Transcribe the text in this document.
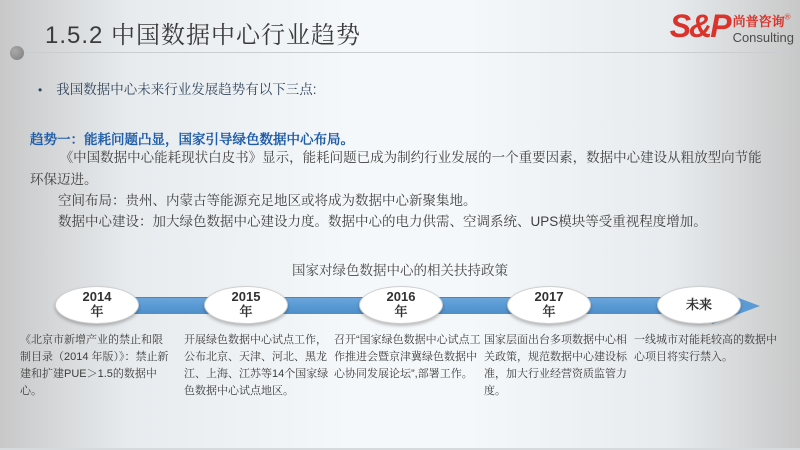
1.5.2 中国数据中心行业趋势	S&P 尚普咨询®
Consulting
• 我国数据中心未来行业发展趋势有以下三点:
趋势一：能耗问题凸显，国家引导绿色数据中心布局。
《中国数据中心能耗现状白皮书》显示，能耗问题已成为制约行业发展的一个重要因素，数据中心建设从粗放型向节能环保迈进。
空间布局：贵州、内蒙古等能源充足地区或将成为数据中心新聚集地。
数据中心建设：加大绿色数据中心建设力度。数据中心的电力供需、空调系统、UPS模块等受重视程度增加。
国家对绿色数据中心的相关扶持政策
2014
年
2015
年
2016
年
2017
年	未来
《北京市新增产业的禁止和限制目录（2014 年版）》：禁止新建和扩建PUE＞1.5的数据中心。
开展绿色数据中心试点工作，公布北京、天津、河北、黑龙江、上海、江苏等14个国家绿色数据中心试点地区。
召开“国家绿色数据中心试点工作推进会暨京津冀绿色数据中心协同发展论坛”,部署工作。
国家层面出台多项数据中心相关政策，规范数据中心建设标准，加大行业经营资质监管力度。
一线城市对能耗较高的数据中心项目将实行禁入。
